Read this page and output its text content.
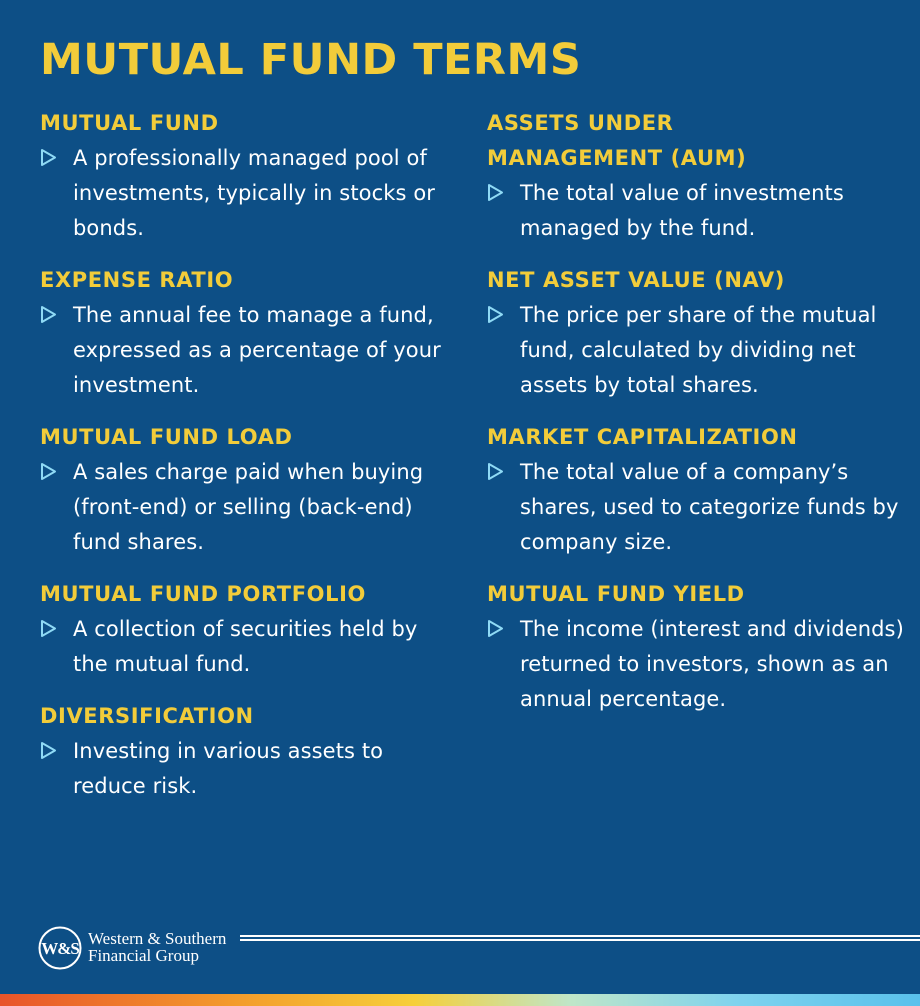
MUTUAL FUND TERMS
MUTUAL FUND
A professionally managed pool of investments, typically in stocks or bonds.
EXPENSE RATIO
The annual fee to manage a fund, expressed as a percentage of your investment.
MUTUAL FUND LOAD
A sales charge paid when buying (front-end) or selling (back-end) fund shares.
MUTUAL FUND PORTFOLIO
A collection of securities held by the mutual fund.
DIVERSIFICATION
Investing in various assets to reduce risk.
ASSETS UNDER MANAGEMENT (AUM)
The total value of investments managed by the fund.
NET ASSET VALUE (NAV)
The price per share of the mutual fund, calculated by dividing net assets by total shares.
MARKET CAPITALIZATION
The total value of a company’s shares, used to categorize funds by company size.
MUTUAL FUND YIELD
The income (interest and dividends) returned to investors, shown as an annual percentage.
W&S
Western & Southern
Financial Group
